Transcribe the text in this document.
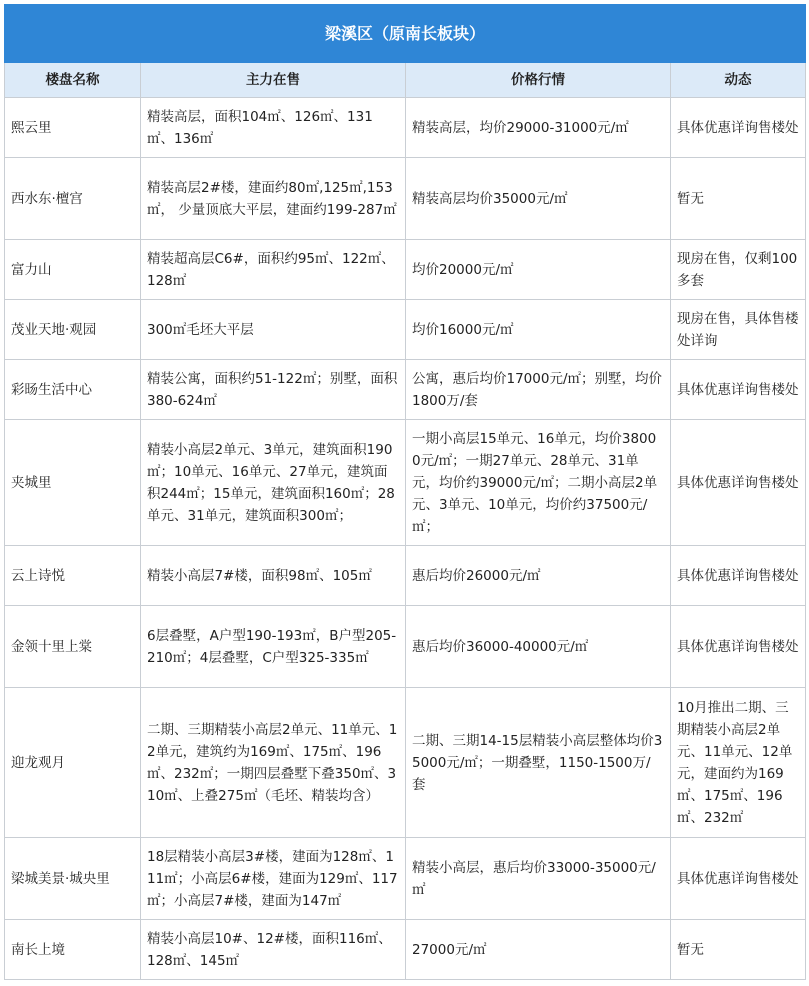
梁溪区（原南长板块）			
楼盘名称	主力在售	价格行情	动态
熙云里	精装高层，面积104㎡、126㎡、131㎡、136㎡	精装高层，均价29000-31000元/㎡	具体优惠详询售楼处
西水东·檀宫	精装高层2#楼，建面约80㎡,125㎡,153㎡， 少量顶底大平层，建面约199-287㎡	精装高层均价35000元/㎡	暂无
富力山	精装超高层C6#，面积约95㎡、122㎡、128㎡	均价20000元/㎡	现房在售，仅剩100多套
茂业天地·观园	300㎡毛坯大平层	均价16000元/㎡	现房在售，具体售楼处详询
彩旸生活中心	精装公寓，面积约51-122㎡；别墅，面积380-624㎡	公寓，惠后均价17000元/㎡；别墅，均价1800万/套	具体优惠详询售楼处
夹城里	精装小高层2单元、3单元，建筑面积190㎡；10单元、16单元、27单元，建筑面积244㎡；15单元，建筑面积160㎡；28单元、31单元，建筑面积300㎡；	一期小高层15单元、16单元，均价38000元/㎡；一期27单元、28单元、31单元，均价约39000元/㎡；二期小高层2单元、3单元、10单元，均价约37500元/㎡；	具体优惠详询售楼处
云上诗悦	精装小高层7#楼，面积98㎡、105㎡	惠后均价26000元/㎡	具体优惠详询售楼处
金领十里上棠	6层叠墅，A户型190-193㎡，B户型205-210㎡；4层叠墅，C户型325-335㎡	惠后均价36000-40000元/㎡	具体优惠详询售楼处
迎龙观月	二期、三期精装小高层2单元、11单元、12单元，建筑约为169㎡、175㎡、196㎡、232㎡；一期四层叠墅下叠350㎡、310㎡、上叠275㎡（毛坯、精装均含）	二期、三期14-15层精装小高层整体均价35000元/㎡；一期叠墅，1150-1500万/套	10月推出二期、三期精装小高层2单元、11单元、12单元，建面约为169㎡、175㎡、196㎡、232㎡
梁城美景·城央里	18层精装小高层3#楼，建面为128㎡、111㎡；小高层6#楼，建面为129㎡、117㎡；小高层7#楼，建面为147㎡	精装小高层，惠后均价33000-35000元/㎡	具体优惠详询售楼处
南长上境	精装小高层10#、12#楼，面积116㎡、128㎡、145㎡	27000元/㎡	暂无
